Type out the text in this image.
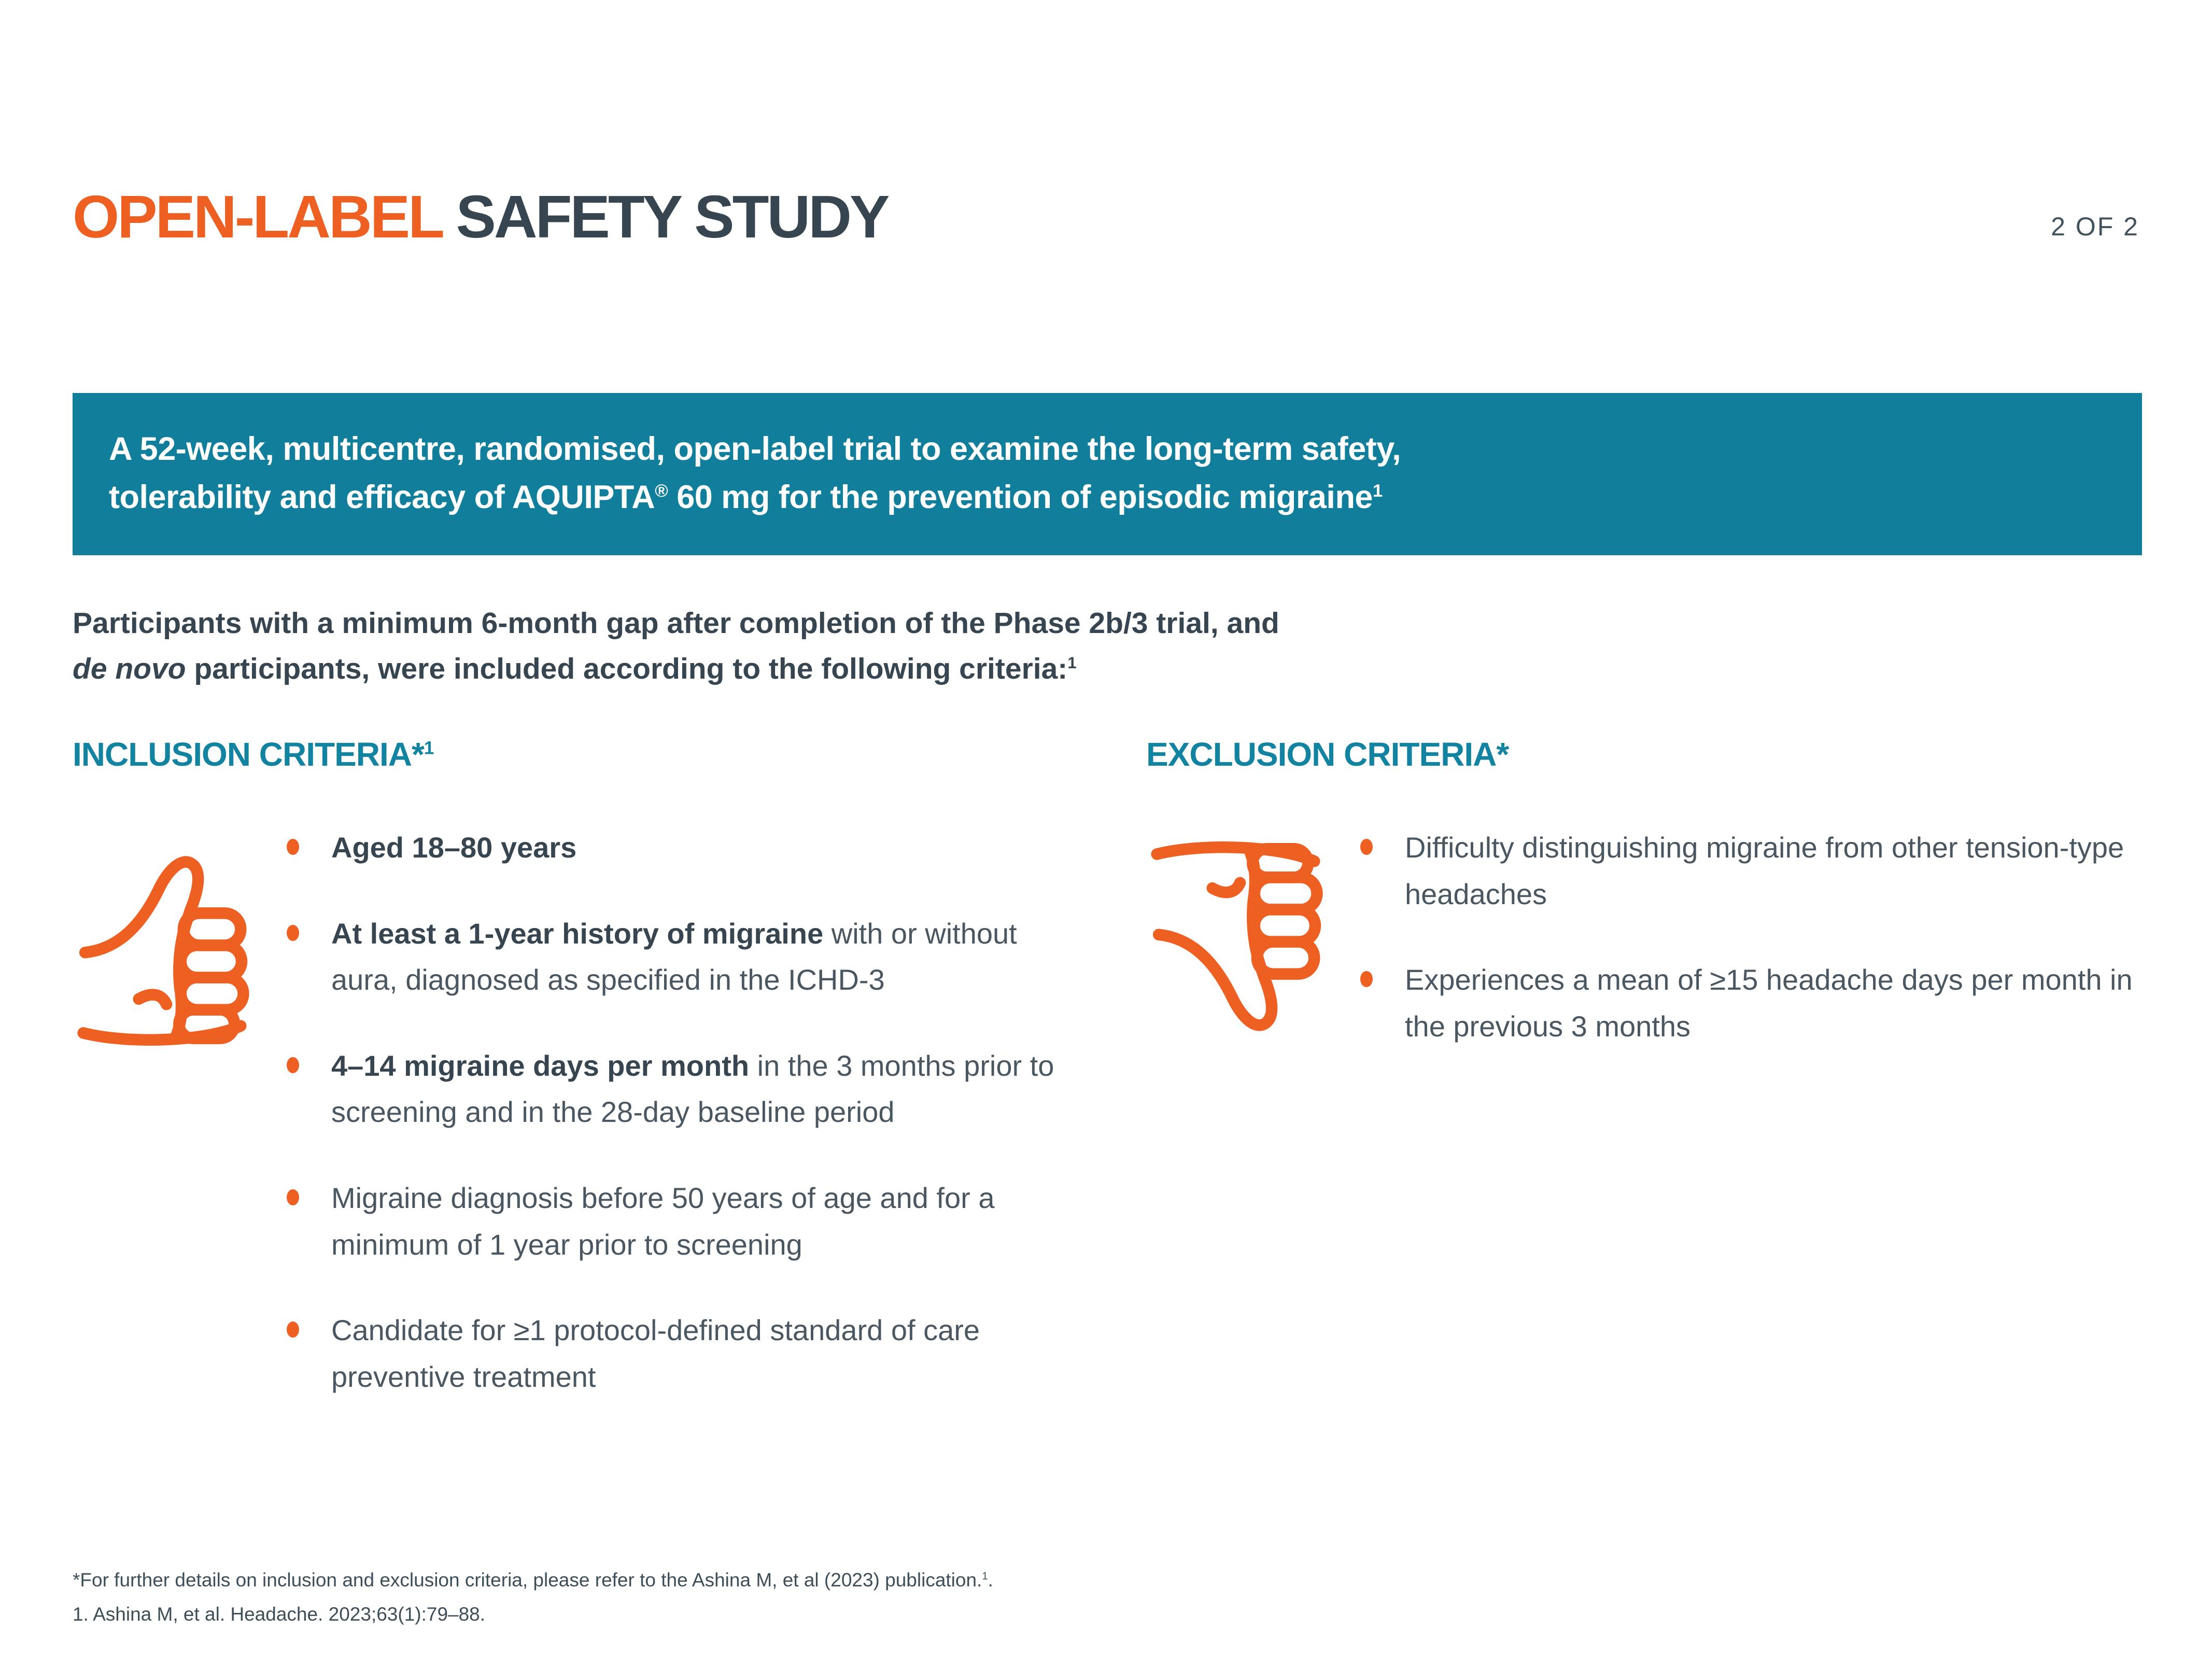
OPEN-LABEL SAFETY STUDY	2 OF 2
A 52-week, multicentre, randomised, open-label trial to examine the long-term safety,
tolerability and efficacy of AQUIPTA® 60 mg for the prevention of episodic migraine$^1$
Participants with a minimum 6-month gap after completion of the Phase 2b/3 trial, and de novo participants, were included according to the following criteria:$^1$
INCLUSION CRITERIA*$^1$
Aged 18–80 years
At least a 1-year history of migraine with or without aura, diagnosed as specified in the ICHD-3
4–14 migraine days per month in the 3 months prior to screening and in the 28-day baseline period
Migraine diagnosis before 50 years of age and for a minimum of 1 year prior to screening
Candidate for ≥1 protocol-defined standard of care preventive treatment
EXCLUSION CRITERIA*
Difficulty distinguishing migraine from other tension-type headaches
Experiences a mean of ≥15 headache days per month in the previous 3 months
*For further details on inclusion and exclusion criteria, please refer to the Ashina M, et al (2023) publication.$^1$.
1. Ashina M, et al. Headache. 2023;63(1):79–88.
